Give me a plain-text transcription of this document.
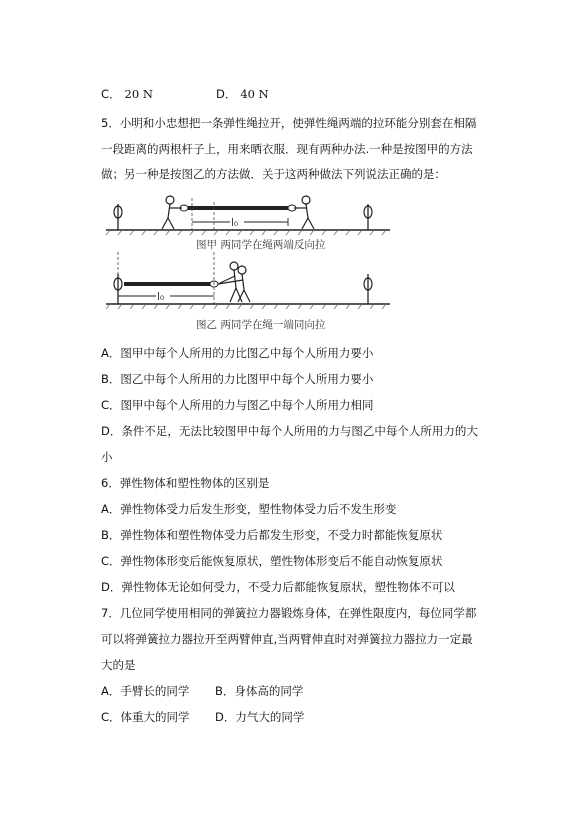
C． 20 N	D． 40 N
5．小明和小忠想把一条弹性绳拉开，使弹性绳两端的拉环能分别套在相隔
一段距离的两根杆子上，用来晒衣服．现有两种办法.一种是按图甲的方法
做；另一种是按图乙的方法做．关于这两种做法下列说法正确的是：
l₀
图甲 两同学在绳两端反向拉
l₀
图乙 两同学在绳一端同向拉
A．图甲中每个人所用的力比图乙中每个人所用力要小
B．图乙中每个人所用的力比图甲中每个人所用力要小
C．图甲中每个人所用的力与图乙中每个人所用力相同
D．条件不足，无法比较图甲中每个人所用的力与图乙中每个人所用力的大
小
6．弹性物体和塑性物体的区别是
A．弹性物体受力后发生形变，塑性物体受力后不发生形变
B．弹性物体和塑性物体受力后都发生形变，不受力时都能恢复原状
C．弹性物体形变后能恢复原状，塑性物体形变后不能自动恢复原状
D．弹性物体无论如何受力，不受力后都能恢复原状，塑性物体不可以
7．几位同学使用相同的弹簧拉力器锻炼身体，在弹性限度内，每位同学都
可以将弹簧拉力器拉开至两臂伸直,当两臂伸直时对弹簧拉力器拉力一定最
大的是
A．手臂长的同学 B．身体高的同学
C．体重大的同学 D．力气大的同学
